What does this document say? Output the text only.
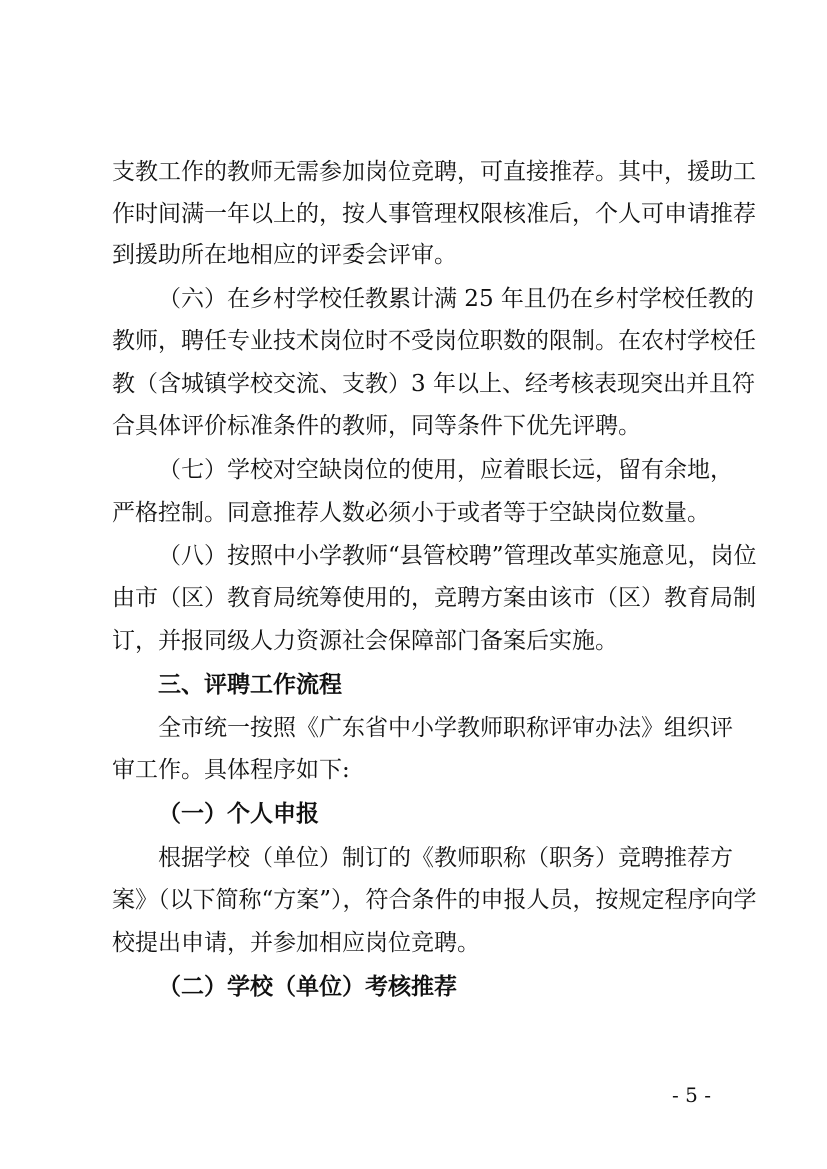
支教工作的教师无需参加岗位竞聘，可直接推荐。其中，援助工

作时间满一年以上的，按人事管理权限核准后，个人可申请推荐

到援助所在地相应的评委会评审。

（六）在乡村学校任教累计满 25 年且仍在乡村学校任教的

教师，聘任专业技术岗位时不受岗位职数的限制。在农村学校任

教（含城镇学校交流、支教）3 年以上、经考核表现突出并且符

合具体评价标准条件的教师，同等条件下优先评聘。

（七）学校对空缺岗位的使用，应着眼长远，留有余地，

严格控制。同意推荐人数必须小于或者等于空缺岗位数量。

（八）按照中小学教师“县管校聘”管理改革实施意见，岗位

由市（区）教育局统筹使用的，竞聘方案由该市（区）教育局制

订，并报同级人力资源社会保障部门备案后实施。

三、评聘工作流程

全市统一按照《广东省中小学教师职称评审办法》组织评

审工作。具体程序如下:

（一）个人申报

根据学校（单位）制订的《教师职称（职务）竞聘推荐方

案》（以下简称“方案”），符合条件的申报人员，按规定程序向学

校提出申请，并参加相应岗位竞聘。

（二）学校（单位）考核推荐

- 5 -
